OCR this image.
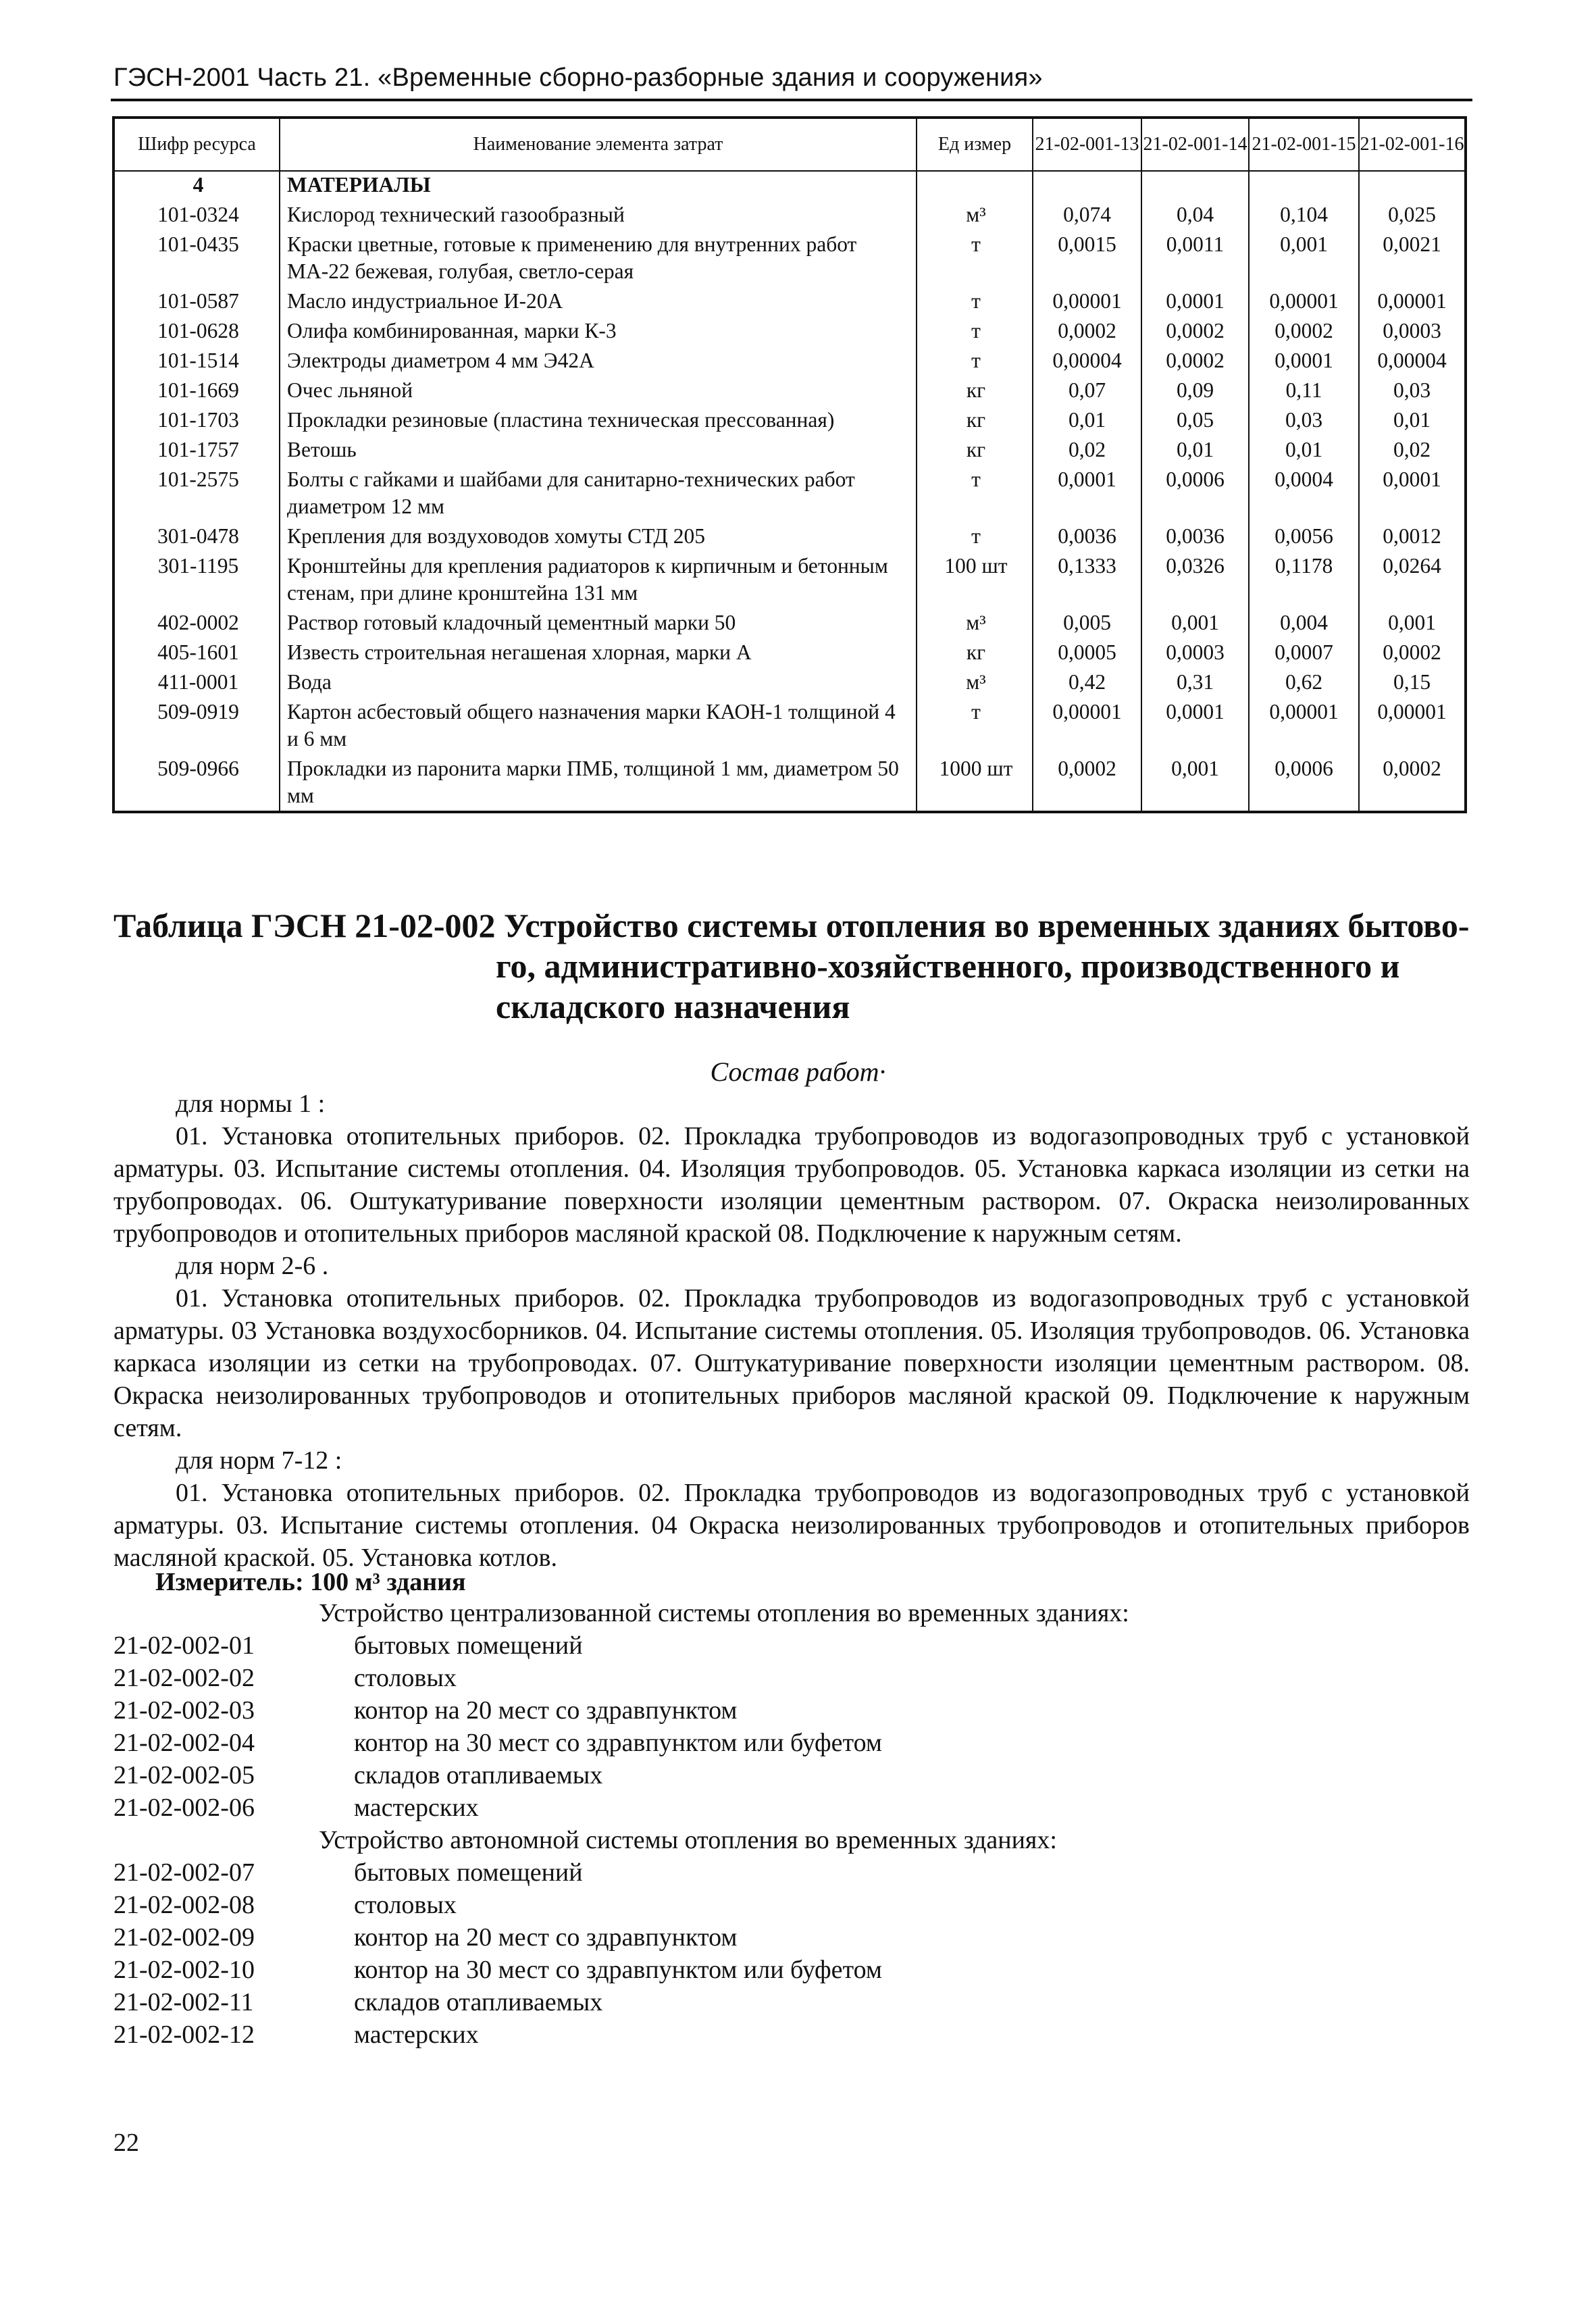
ГЭСН-2001 Часть 21. «Временные сборно-разборные здания и сооружения»
Шифр ресурса	Наименование элемента затрат	Ед измер	21-02-001-13	21-02-001-14	21-02-001-15	21-02-001-16
4	МАТЕРИАЛЫ					
101-0324	Кислород технический газообразный	м³	0,074	0,04	0,104	0,025
101-0435	Краски цветные, готовые к применению для внутренних работ МА-22 бежевая, голубая, светло-серая	т	0,0015	0,0011	0,001	0,0021
101-0587	Масло индустриальное И-20А	т	0,00001	0,0001	0,00001	0,00001
101-0628	Олифа комбинированная, марки К-3	т	0,0002	0,0002	0,0002	0,0003
101-1514	Электроды диаметром 4 мм Э42А	т	0,00004	0,0002	0,0001	0,00004
101-1669	Очес льняной	кг	0,07	0,09	0,11	0,03
101-1703	Прокладки резиновые (пластина техническая прессованная)	кг	0,01	0,05	0,03	0,01
101-1757	Ветошь	кг	0,02	0,01	0,01	0,02
101-2575	Болты с гайками и шайбами для санитарно-технических работ диаметром 12 мм	т	0,0001	0,0006	0,0004	0,0001
301-0478	Крепления для воздуховодов хомуты СТД 205	т	0,0036	0,0036	0,0056	0,0012
301-1195	Кронштейны для крепления радиаторов к кирпичным и бетонным стенам, при длине кронштейна 131 мм	100 шт	0,1333	0,0326	0,1178	0,0264
402-0002	Раствор готовый кладочный цементный марки 50	м³	0,005	0,001	0,004	0,001
405-1601	Известь строительная негашеная хлорная, марки А	кг	0,0005	0,0003	0,0007	0,0002
411-0001	Вода	м³	0,42	0,31	0,62	0,15
509-0919	Картон асбестовый общего назначения марки КАОН-1 толщиной 4 и 6 мм	т	0,00001	0,0001	0,00001	0,00001
509-0966	Прокладки из паронита марки ПМБ, толщиной 1 мм, диаметром 50 мм	1000 шт	0,0002	0,001	0,0006	0,0002
Таблица ГЭСН 21-02-002 Устройство системы отопления во временных зданиях бытово-
го, административно-хозяйственного, производственного и
складского назначения
Состав работ·
для нормы 1 :

01. Установка отопительных приборов. 02. Прокладка трубопроводов из водогазопроводных труб с установкой арматуры. 03. Испытание системы отопления. 04. Изоляция трубопроводов. 05. Установка каркаса изоляции из сетки на трубопроводах. 06. Оштукатуривание поверхности изоляции цементным раствором. 07. Окраска неизолированных трубопроводов и отопительных приборов масляной краской 08. Подключение к наружным сетям.

для норм 2-6 .

01. Установка отопительных приборов. 02. Прокладка трубопроводов из водогазопроводных труб с установкой арматуры. 03 Установка воздухосборников. 04. Испытание системы отопления. 05. Изоляция трубопроводов. 06. Установка каркаса изоляции из сетки на трубопроводах. 07. Оштукатуривание поверхности изоляции цементным раствором. 08. Окраска неизолированных трубопроводов и отопительных приборов масляной краской 09. Подключение к наружным сетям.

для норм 7-12 :

01. Установка отопительных приборов. 02. Прокладка трубопроводов из водогазопроводных труб с установкой арматуры. 03. Испытание системы отопления. 04 Окраска неизолированных трубопроводов и отопительных приборов масляной краской. 05. Установка котлов.

Измеритель: 100 м³ здания
Устройство централизованной системы отопления во временных зданиях:
21-02-002-01	бытовых помещений
21-02-002-02	столовых
21-02-002-03	контор на 20 мест со здравпунктом
21-02-002-04	контор на 30 мест со здравпунктом или буфетом
21-02-002-05	складов отапливаемых
21-02-002-06	мастерских
Устройство автономной системы отопления во временных зданиях:
21-02-002-07	бытовых помещений
21-02-002-08	столовых
21-02-002-09	контор на 20 мест со здравпунктом
21-02-002-10	контор на 30 мест со здравпунктом или буфетом
21-02-002-11	складов отапливаемых
21-02-002-12	мастерских
22
